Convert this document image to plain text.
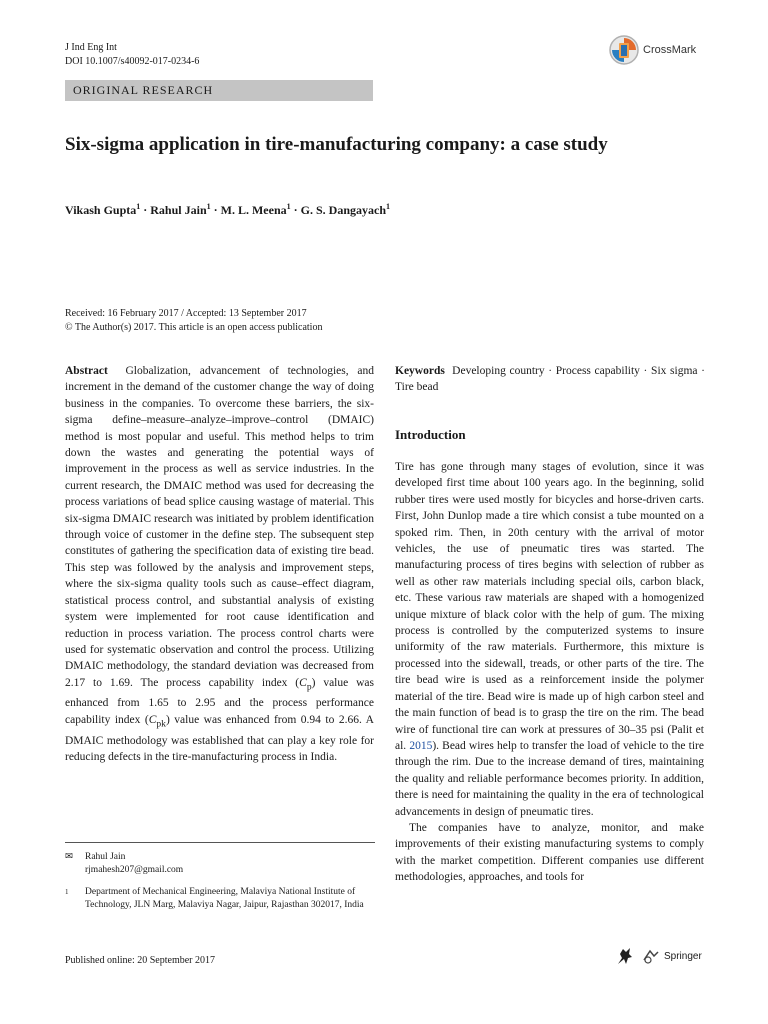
J Ind Eng Int
DOI 10.1007/s40092-017-0234-6
CrossMark
ORIGINAL RESEARCH
Six-sigma application in tire-manufacturing company: a case study
Vikash Gupta$^1$ · Rahul Jain$^1$ · M. L. Meena$^1$ · G. S. Dangayach$^1$
Received: 16 February 2017 / Accepted: 13 September 2017
© The Author(s) 2017. This article is an open access publication
Abstract Globalization, advancement of technologies, and increment in the demand of the customer change the way of doing business in the companies. To overcome these barriers, the six-sigma define–measure–analyze–improve–control (DMAIC) method is most popular and useful. This method helps to trim down the wastes and generating the potential ways of improvement in the process as well as service industries. In the current research, the DMAIC method was used for decreasing the process variations of bead splice causing wastage of material. This six-sigma DMAIC research was initiated by problem identification through voice of customer in the define step. The subsequent step constitutes of gathering the specification data of existing tire bead. This step was followed by the analysis and improvement steps, where the six-sigma quality tools such as cause–effect diagram, statistical process control, and substantial analysis of existing system were implemented for root cause identification and reduction in process variation. The process control charts were used for systematic observation and control the process. Utilizing DMAIC methodology, the standard deviation was decreased from 2.17 to 1.69. The process capability index $(C_p)$ value was enhanced from 1.65 to 2.95 and the process performance capability index $(C_{pk})$ value was enhanced from 0.94 to 2.66. A DMAIC methodology was established that can play a key role for reducing defects in the tire-manufacturing process in India.
Keywords Developing country · Process capability · Six sigma · Tire bead
Introduction

Tire has gone through many stages of evolution, since it was developed first time about 100 years ago. In the beginning, solid rubber tires were used mostly for bicycles and horse-driven carts. First, John Dunlop made a tire which consist a tube mounted on a spoked rim. Then, in 20th century with the arrival of motor vehicles, the use of pneumatic tires was started. The manufacturing process of tires begins with selection of rubber as well as other raw materials including special oils, carbon black, etc. These various raw materials are shaped with a homogenized unique mixture of black color with the help of gum. The mixing process is controlled by the computerized systems to insure uniformity of the raw materials. Furthermore, this mixture is processed into the sidewall, treads, or other parts of the tire. The tire bead wire is used as a reinforcement inside the polymer material of the tire. Bead wire is made up of high carbon steel and the main function of bead is to grasp the tire on the rim. The bead wire of functional tire can work at pressures of 30–35 psi (Palit et al. 2015). Bead wires help to transfer the load of vehicle to the tire through the rim. Due to the increase demand of tires, maintaining the quality and reliable performance becomes priority. In addition, there is need for maintaining the quality in the era of technological advancements in design of pneumatic tires.

The companies have to analyze, monitor, and make improvements of their existing manufacturing systems to comply with the market competition. Different companies use different methodologies, approaches, and tools for

✉	Rahul Jain
rjmahesh207@gmail.com
1	Department of Mechanical Engineering, Malaviya National Institute of Technology, JLN Marg, Malaviya Nagar, Jaipur, Rajasthan 302017, India
Published online: 20 September 2017	Springer
